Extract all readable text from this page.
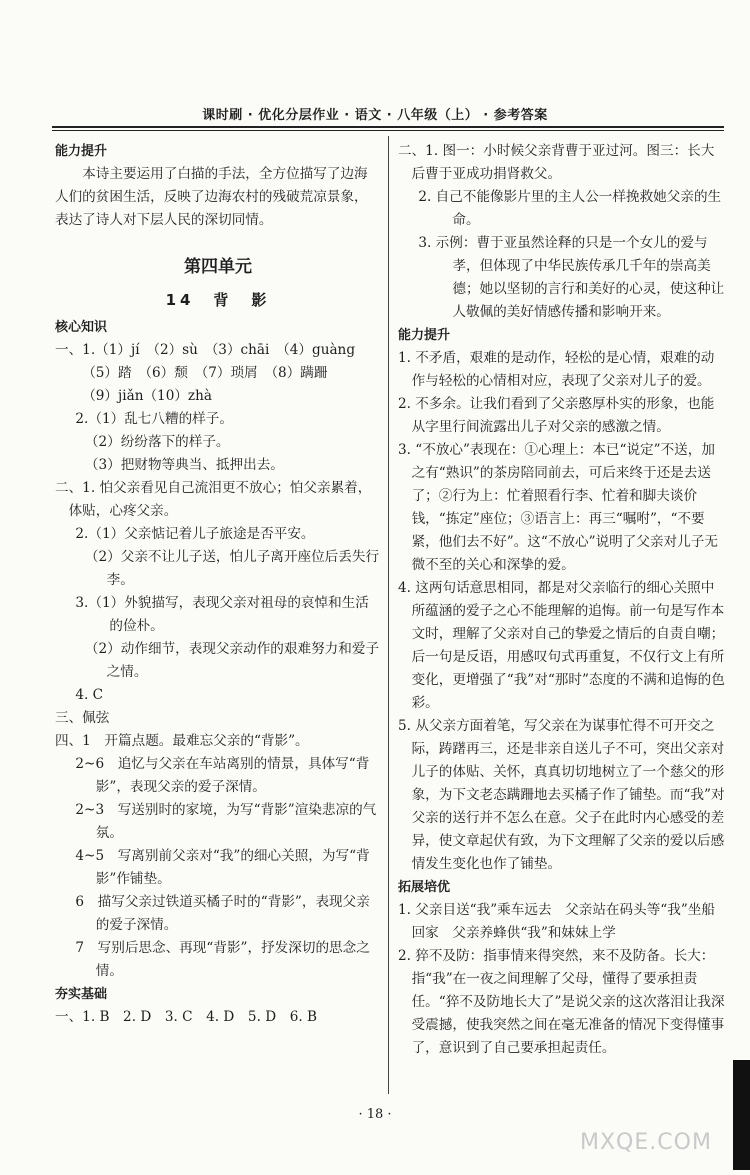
课时刷 · 优化分层作业 · 语文 · 八年级（上） · 参考答案

能力提升

本诗主要运用了白描的手法，全方位描写了边海人们的贫困生活，反映了边海农村的残破荒凉景象，表达了诗人对下层人民的深切同情。

第四单元

14　背　影

核心知识

一、1.（1）jí　（2）sù　（3）chāi　（4）guàng

（5）踏　（6）颓　（7）琐屑　（8）蹒跚

（9）jiǎn（10）zhà

2.（1）乱七八糟的样子。

（2）纷纷落下的样子。

（3）把财物等典当、抵押出去。

二、1. 怕父亲看见自己流泪更不放心；怕父亲累着，体贴，心疼父亲。

2.（1）父亲惦记着儿子旅途是否平安。

（2）父亲不让儿子送，怕儿子离开座位后丢失行李。

3.（1）外貌描写，表现父亲对祖母的哀悼和生活的俭朴。

（2）动作细节，表现父亲动作的艰难努力和爱子之情。

4. C

三、佩弦

四、1　开篇点题。最难忘父亲的“背影”。

2~6　追忆与父亲在车站离别的情景，具体写“背影”，表现父亲的爱子深情。

2~3　写送别时的家境，为写“背影”渲染悲凉的气氛。

4~5　写离别前父亲对“我”的细心关照，为写“背影”作铺垫。

6　描写父亲过铁道买橘子时的“背影”，表现父亲的爱子深情。

7　写别后思念、再现“背影”，抒发深切的思念之情。

夯实基础

一、1. B　2. D　3. C　4. D　5. D　6. B

二、1. 图一：小时候父亲背曹于亚过河。图三：长大后曹于亚成功捐肾救父。

2. 自己不能像影片里的主人公一样挽救她父亲的生命。

3. 示例：曹于亚虽然诠释的只是一个女儿的爱与孝，但体现了中华民族传承几千年的崇高美德；她以坚韧的言行和美好的心灵，使这种让人敬佩的美好情感传播和影响开来。

能力提升

1. 不矛盾，艰难的是动作，轻松的是心情，艰难的动作与轻松的心情相对应，表现了父亲对儿子的爱。

2. 不多余。让我们看到了父亲憨厚朴实的形象，也能从字里行间流露出儿子对父亲的感激之情。

3. “不放心”表现在：①心理上：本已“说定”不送，加之有“熟识”的茶房陪同前去，可后来终于还是去送了；②行为上：忙着照看行李、忙着和脚夫谈价钱，“拣定”座位；③语言上：再三“嘱咐”，“不要紧，他们去不好”。这“不放心”说明了父亲对儿子无微不至的关心和深挚的爱。

4. 这两句话意思相同，都是对父亲临行的细心关照中所蕴涵的爱子之心不能理解的追悔。前一句是写作本文时，理解了父亲对自己的挚爱之情后的自责自嘲；后一句是反语，用感叹句式再重复，不仅行文上有所变化，更增强了“我”对“那时”态度的不满和追悔的色彩。

5. 从父亲方面着笔，写父亲在为谋事忙得不可开交之际，踌躇再三，还是非亲自送儿子不可，突出父亲对儿子的体贴、关怀，真真切切地树立了一个慈父的形象，为下文老态蹒跚地去买橘子作了铺垫。而“我”对父亲的送行并不怎么在意。父子在此时内心感受的差异，使文章起伏有致，为下文理解了父亲的爱以后感情发生变化也作了铺垫。

拓展培优

1. 父亲目送“我”乘车远去　父亲站在码头等“我”坐船回家　父亲养蜂供“我”和妹妹上学

2. 猝不及防：指事情来得突然，来不及防备。长大：指“我”在一夜之间理解了父母，懂得了要承担责任。“猝不及防地长大了”是说父亲的这次落泪让我深受震撼，使我突然之间在毫无准备的情况下变得懂事了，意识到了自己要承担起责任。

· 18 ·
MXQE.COM
